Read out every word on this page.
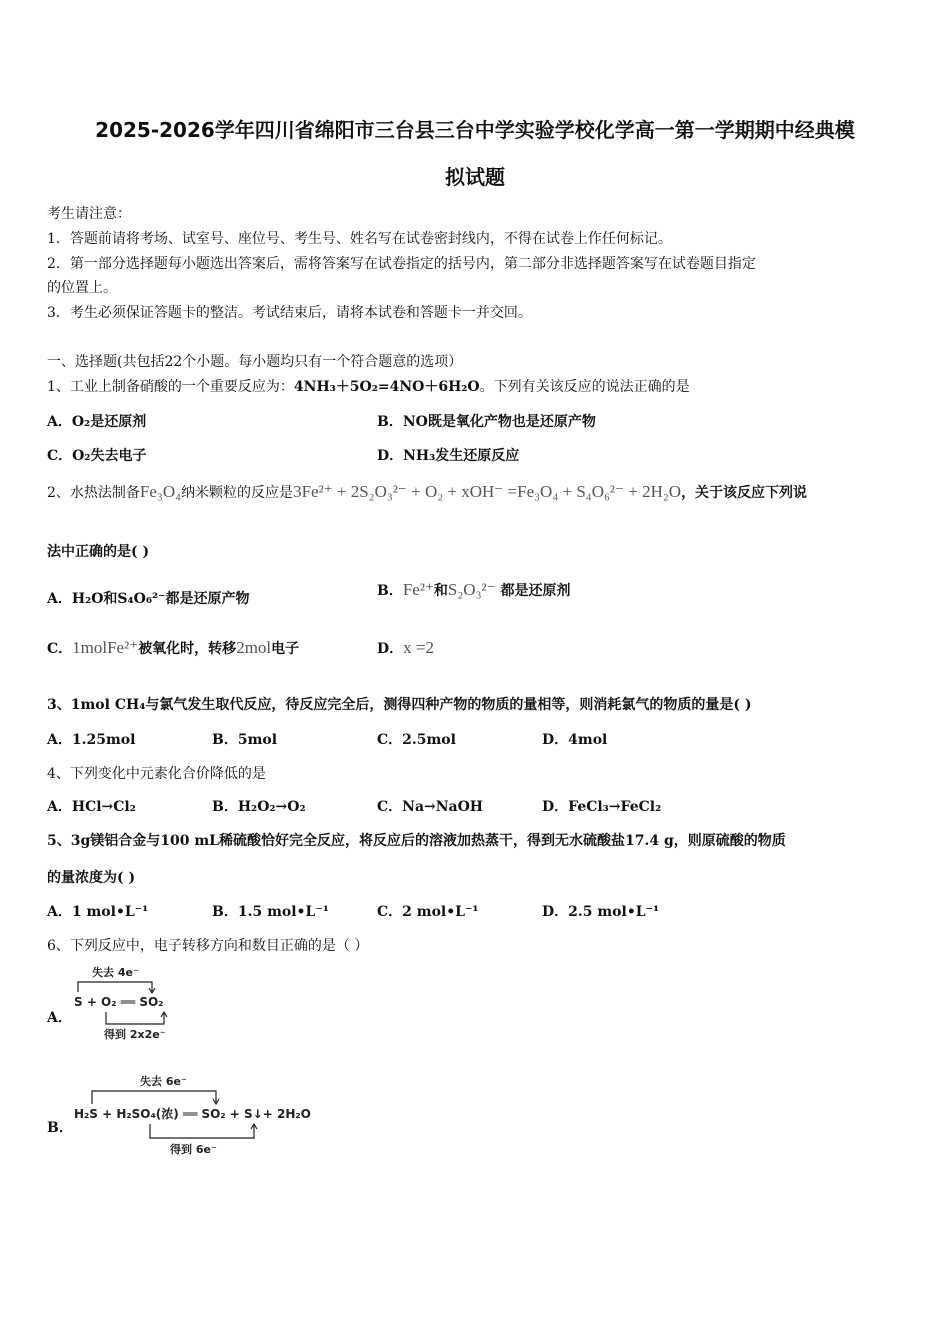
2025-2026学年四川省绵阳市三台县三台中学实验学校化学高一第一学期期中经典模
拟试题
考生请注意：
1．答题前请将考场、试室号、座位号、考生号、姓名写在试卷密封线内，不得在试卷上作任何标记。
2．第一部分选择题每小题选出答案后，需将答案写在试卷指定的括号内，第二部分非选择题答案写在试卷题目指定
的位置上。
3．考生必须保证答题卡的整洁。考试结束后，请将本试卷和答题卡一并交回。
一、选择题(共包括22个小题。每小题均只有一个符合题意的选项）
1、工业上制备硝酸的一个重要反应为：4NH₃＋5O₂=4NO＋6H₂O。下列有关该反应的说法正确的是
A．O₂是还原剂	B．NO既是氧化产物也是还原产物
C．O₂失去电子	D．NH₃发生还原反应
2、水热法制备Fe₃O₄纳米颗粒的反应是3Fe²⁺ + 2S₂O₃²⁻ + O₂ + xOH⁻ =Fe₃O₄ + S₄O₆²⁻ + 2H₂O，关于该反应下列说
法中正确的是( )
A．H₂O和S₄O₆²⁻都是还原产物	B．Fe²⁺和S₂O₃²⁻ 都是还原剂
C．1molFe²⁺被氧化时，转移2mol电子	D．x =2
3、1mol CH₄与氯气发生取代反应，待反应完全后，测得四种产物的物质的量相等，则消耗氯气的物质的量是( )
A．1.25mol	B．5mol	C．2.5mol	D．4mol
4、下列变化中元素化合价降低的是
A．HCl→Cl₂	B．H₂O₂→O₂	C．Na→NaOH	D．FeCl₃→FeCl₂
5、3g镁铝合金与100 mL稀硫酸恰好完全反应，将反应后的溶液加热蒸干，得到无水硫酸盐17.4 g，则原硫酸的物质
的量浓度为( )
A．1 mol•L⁻¹	B．1.5 mol•L⁻¹	C．2 mol•L⁻¹	D．2.5 mol•L⁻¹
6、下列反应中，电子转移方向和数目正确的是（ ）
A．
失去 4e⁻
S + O₂ ══ SO₂
得到 2x2e⁻
B．
失去 6e⁻
H₂S + H₂SO₄(浓) ══ SO₂ + S↓+ 2H₂O
得到 6e⁻
